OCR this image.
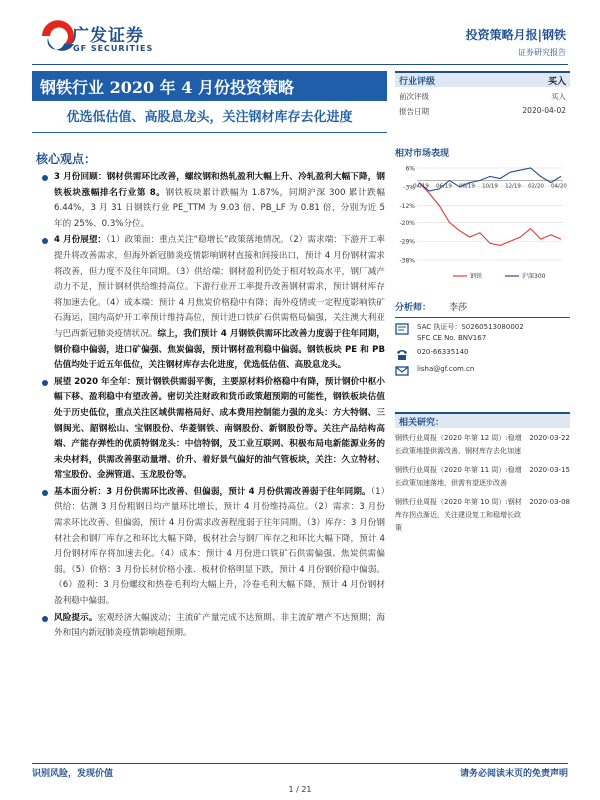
广发证券
GF SECURITIES
投资策略月报|钢铁
证券研究报告
钢铁行业 2020 年 4 月份投资策略
优选低估值、高股息龙头，关注钢材库存去化进度
核心观点：
3 月份回顾：钢材供需环比改善，螺纹钢和热轧盈利大幅上升、冷轧盈利大幅下降，钢铁板块涨幅排名行业第 8。钢铁板块累计跌幅为 1.87%，同期沪深 300 累计跌幅 6.44%，3 月 31 日钢铁行业 PE_TTM 为 9.03 倍、PB_LF 为 0.81 倍，分别为近 5 年的 25%、0.3%分位。
4 月份展望：（1）政策面：重点关注“稳增长”政策落地情况。（2）需求端：下游开工率提升将改善需求，但海外新冠肺炎疫情影响钢材直接和间接出口，预计 4 月份钢材需求将改善，但力度不及往年同期。（3）供给端：钢材盈利仍处于相对较高水平，钢厂减产动力不足，预计钢材供给维持高位。下游行业开工率提升改善钢材需求，预计钢材库存将加速去化。（4）成本端：预计 4 月焦炭价格稳中有降；海外疫情或一定程度影响铁矿石海运，国内高炉开工率预计维持高位，预计进口铁矿石供需格局偏强，关注澳大利亚与巴西新冠肺炎疫情状况。综上，我们预计 4 月钢铁供需环比改善力度弱于往年同期，钢价稳中偏弱，进口矿偏强、焦炭偏弱，预计钢材盈利稳中偏弱。钢铁板块 PE 和 PB 估值均处于近五年低位，关注钢材库存去化进度，优选低估值、高股息龙头。
展望 2020 年全年：预计钢铁供需弱平衡，主要原材料价格稳中有降，预计钢价中枢小幅下移、盈利稳中有望改善。密切关注财政和货币政策超预期的可能性，钢铁板块估值处于历史低位，重点关注区域供需格局好、成本费用控制能力强的龙头：方大特钢、三钢闽光、韶钢松山、宝钢股份、华菱钢铁、南钢股份、新钢股份等。关注产品结构高端、产能存弹性的优质特钢龙头：中信特钢，及工业互联网、积极布局电新能源业务的未央材料，供需改善驱动量增、价升、着好景气偏好的油气管板块，关注：久立特材、常宝股份、金洲管道、玉龙股份等。
基本面分析：3 月份供需环比改善、但偏弱，预计 4 月份供需改善弱于往年同期。（1）供给：估测 3 月份粗钢日均产量环比增长，预计 4 月份维持高位。（2）需求：3 月份需求环比改善、但偏弱，预计 4 月份需求改善程度弱于往年同期。（3）库存：3 月份钢材社会和钢厂库存之和环比大幅下降，板材社会与钢厂库存之和环比大幅下降，预计 4 月份钢材库存将加速去化。（4）成本：预计 4 月份进口铁矿石供需偏强、焦炭供需偏弱。（5）价格：3 月份长材价格小涨、板材价格明显下跌，预计 4 月份钢价稳中偏弱。（6）盈利：3 月份螺纹和热卷毛利均大幅上升，冷卷毛利大幅下降，预计 4 月份钢材盈利稳中偏弱。
风险提示。宏观经济大幅波动；主流矿产量完成不达预期、非主流矿增产不达预期；海外和国内新冠肺炎疫情影响超预期。
行业评级	买入
前次评级	买入
报告日期	2020-04-02
相对市场表现
6%
-3%
-12%
-20%
-29%
-38%
04/19 06/19 08/19 10/19 12/19 02/20 04/20
钢铁	沪深300
分析师： 李莎
SAC 执证号：S0260513080002
SFC CE No. BNV167
020-66335140
lisha@gf.com.cn
相关研究：
钢铁行业周报（2020 年第 12 周）:稳增长政策地提供需改善，钢材库存去化加速
2020-03-22
钢铁行业周报（2020 年第 11 周）:稳增长政策加速落地，供需有望逐步改善
2020-03-15
钢铁行业周报（2020 年第 10 周）:钢材库存拐点渐近，关注建设复工和稳增长政策
2020-03-08
识别风险，发现价值	请务必阅读末页的免责声明
1 / 21
